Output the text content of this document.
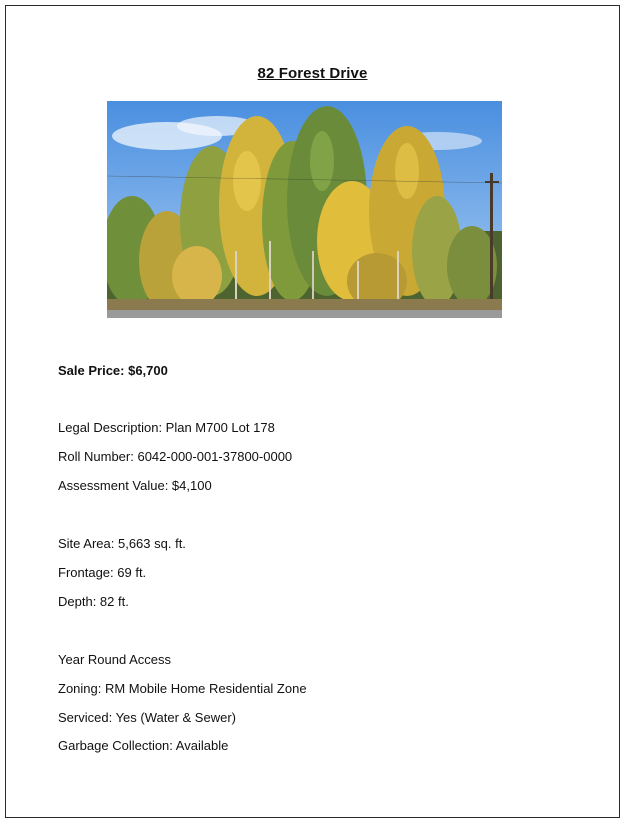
82 Forest Drive
Sale Price: $6,700
Legal Description: Plan M700 Lot 178
Roll Number: 6042-000-001-37800-0000
Assessment Value: $4,100
Site Area: 5,663 sq. ft.
Frontage: 69 ft.
Depth: 82 ft.
Year Round Access
Zoning: RM Mobile Home Residential Zone
Serviced: Yes (Water & Sewer)
Garbage Collection: Available
